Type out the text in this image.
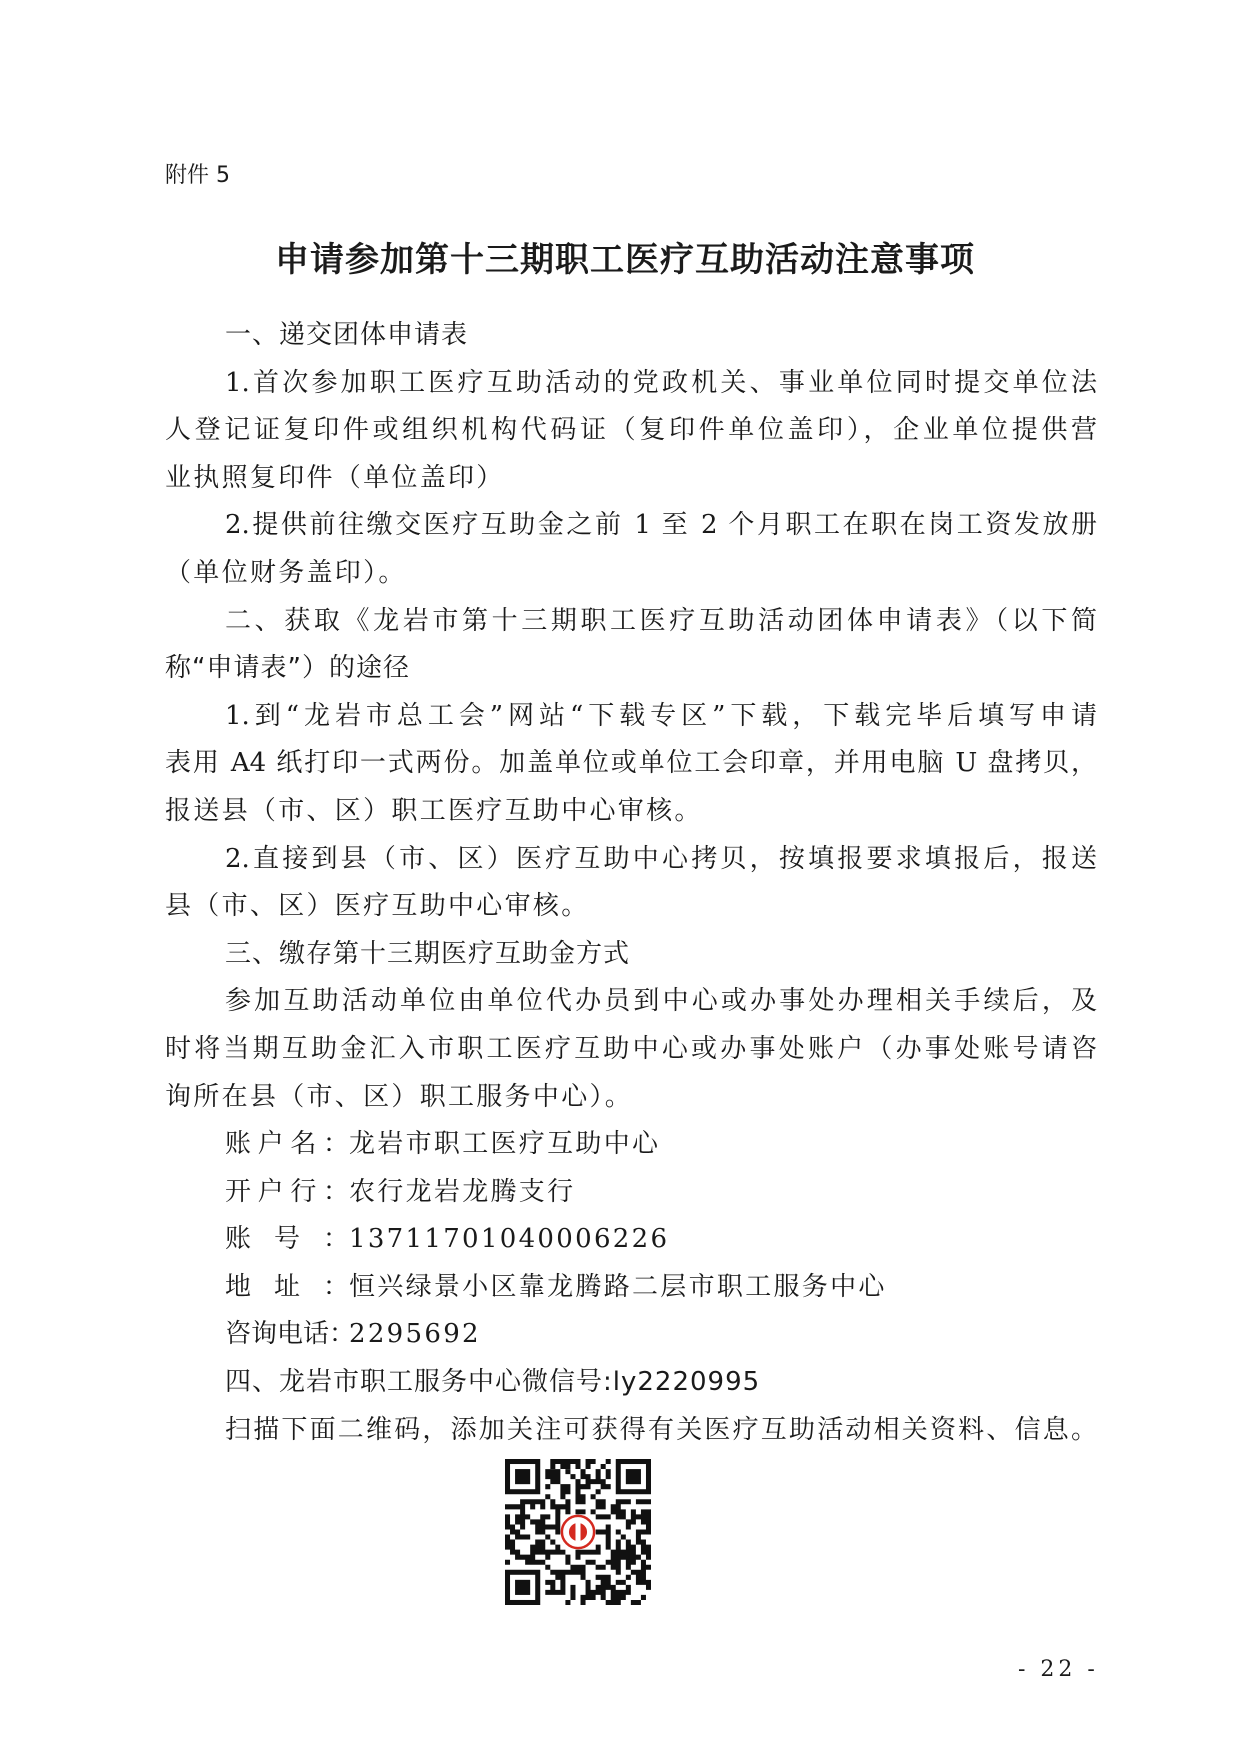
附件 5
申请参加第十三期职工医疗互助活动注意事项
一、递交团体申请表
1.首次参加职工医疗互助活动的党政机关、事业单位同时提交单位法
人登记证复印件或组织机构代码证（复印件单位盖印），企业单位提供营
业执照复印件（单位盖印）
2.提供前往缴交医疗互助金之前 1 至 2 个月职工在职在岗工资发放册
（单位财务盖印）。
二、获取《龙岩市第十三期职工医疗互助活动团体申请表》（以下简
称“申请表”）的途径
1.到“龙岩市总工会”网站“下载专区”下载，下载完毕后填写申请
表用 A4 纸打印一式两份。加盖单位或单位工会印章，并用电脑 U 盘拷贝，
报送县（市、区）职工医疗互助中心审核。
2.直接到县（市、区）医疗互助中心拷贝，按填报要求填报后，报送
县（市、区）医疗互助中心审核。
三、缴存第十三期医疗互助金方式
参加互助活动单位由单位代办员到中心或办事处办理相关手续后，及
时将当期互助金汇入市职工医疗互助中心或办事处账户（办事处账号请咨
询所在县（市、区）职工服务中心）。
账户名：龙岩市职工医疗互助中心
开户行：农行龙岩龙腾支行
账号：13711701040006226
地址：恒兴绿景小区靠龙腾路二层市职工服务中心
咨询电话：2295692
四、龙岩市职工服务中心微信号:ly2220995
扫描下面二维码，添加关注可获得有关医疗互助活动相关资料、信息。
- 22 -
